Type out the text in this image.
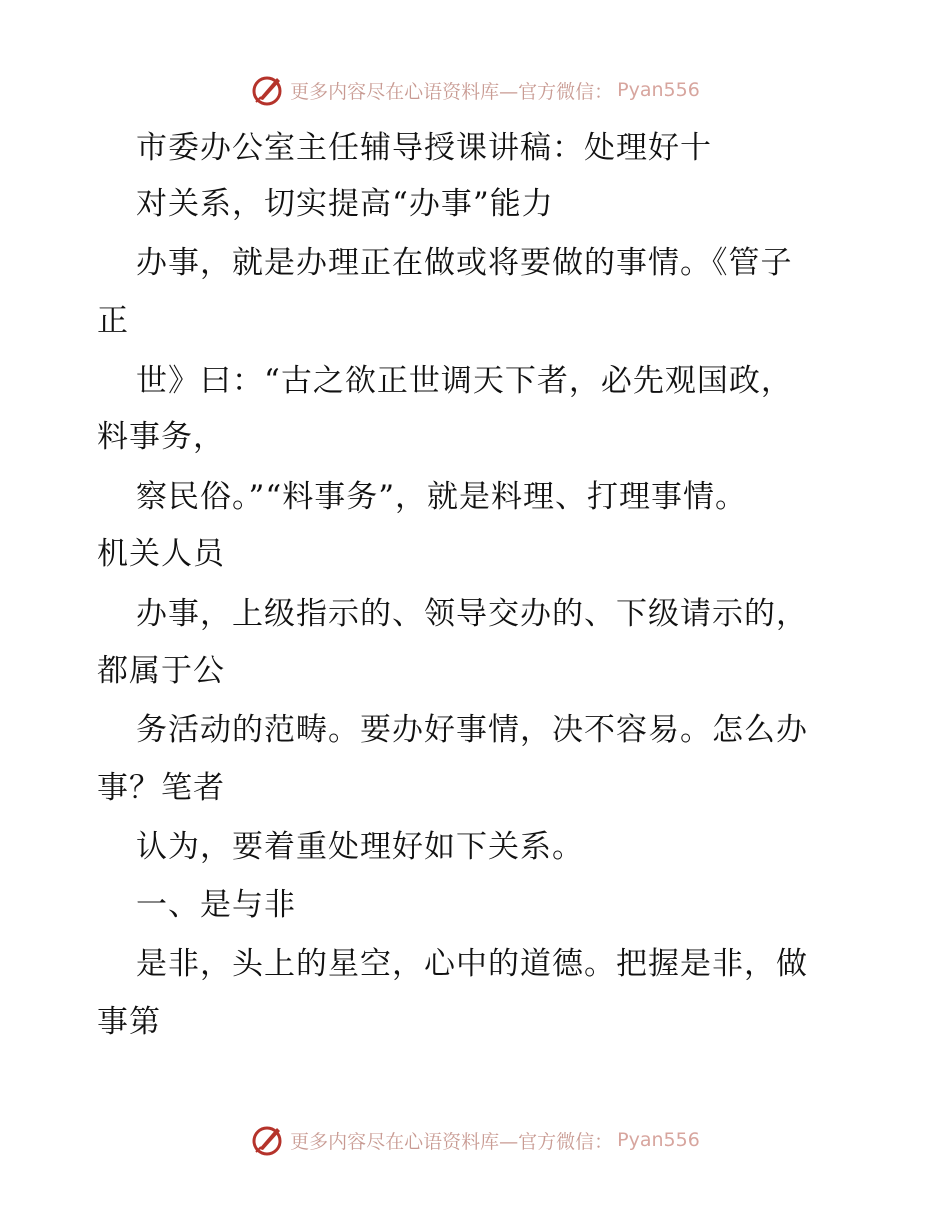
更多内容尽在心语资料库—官方微信： Pyan556
市委办公室主任辅导授课讲稿：处理好十
对关系，切实提高“办事”能力
办事，就是办理正在做或将要做的事情。《管子
正
世》曰：“古之欲正世调天下者，必先观国政，
料事务，
察民俗。”“料事务”，就是料理、打理事情。
机关人员
办事，上级指示的、领导交办的、下级请示的，
都属于公
务活动的范畴。要办好事情，决不容易。怎么办
事？笔者
认为，要着重处理好如下关系。
一、是与非
是非，头上的星空，心中的道德。把握是非，做
事第
更多内容尽在心语资料库—官方微信： Pyan556
